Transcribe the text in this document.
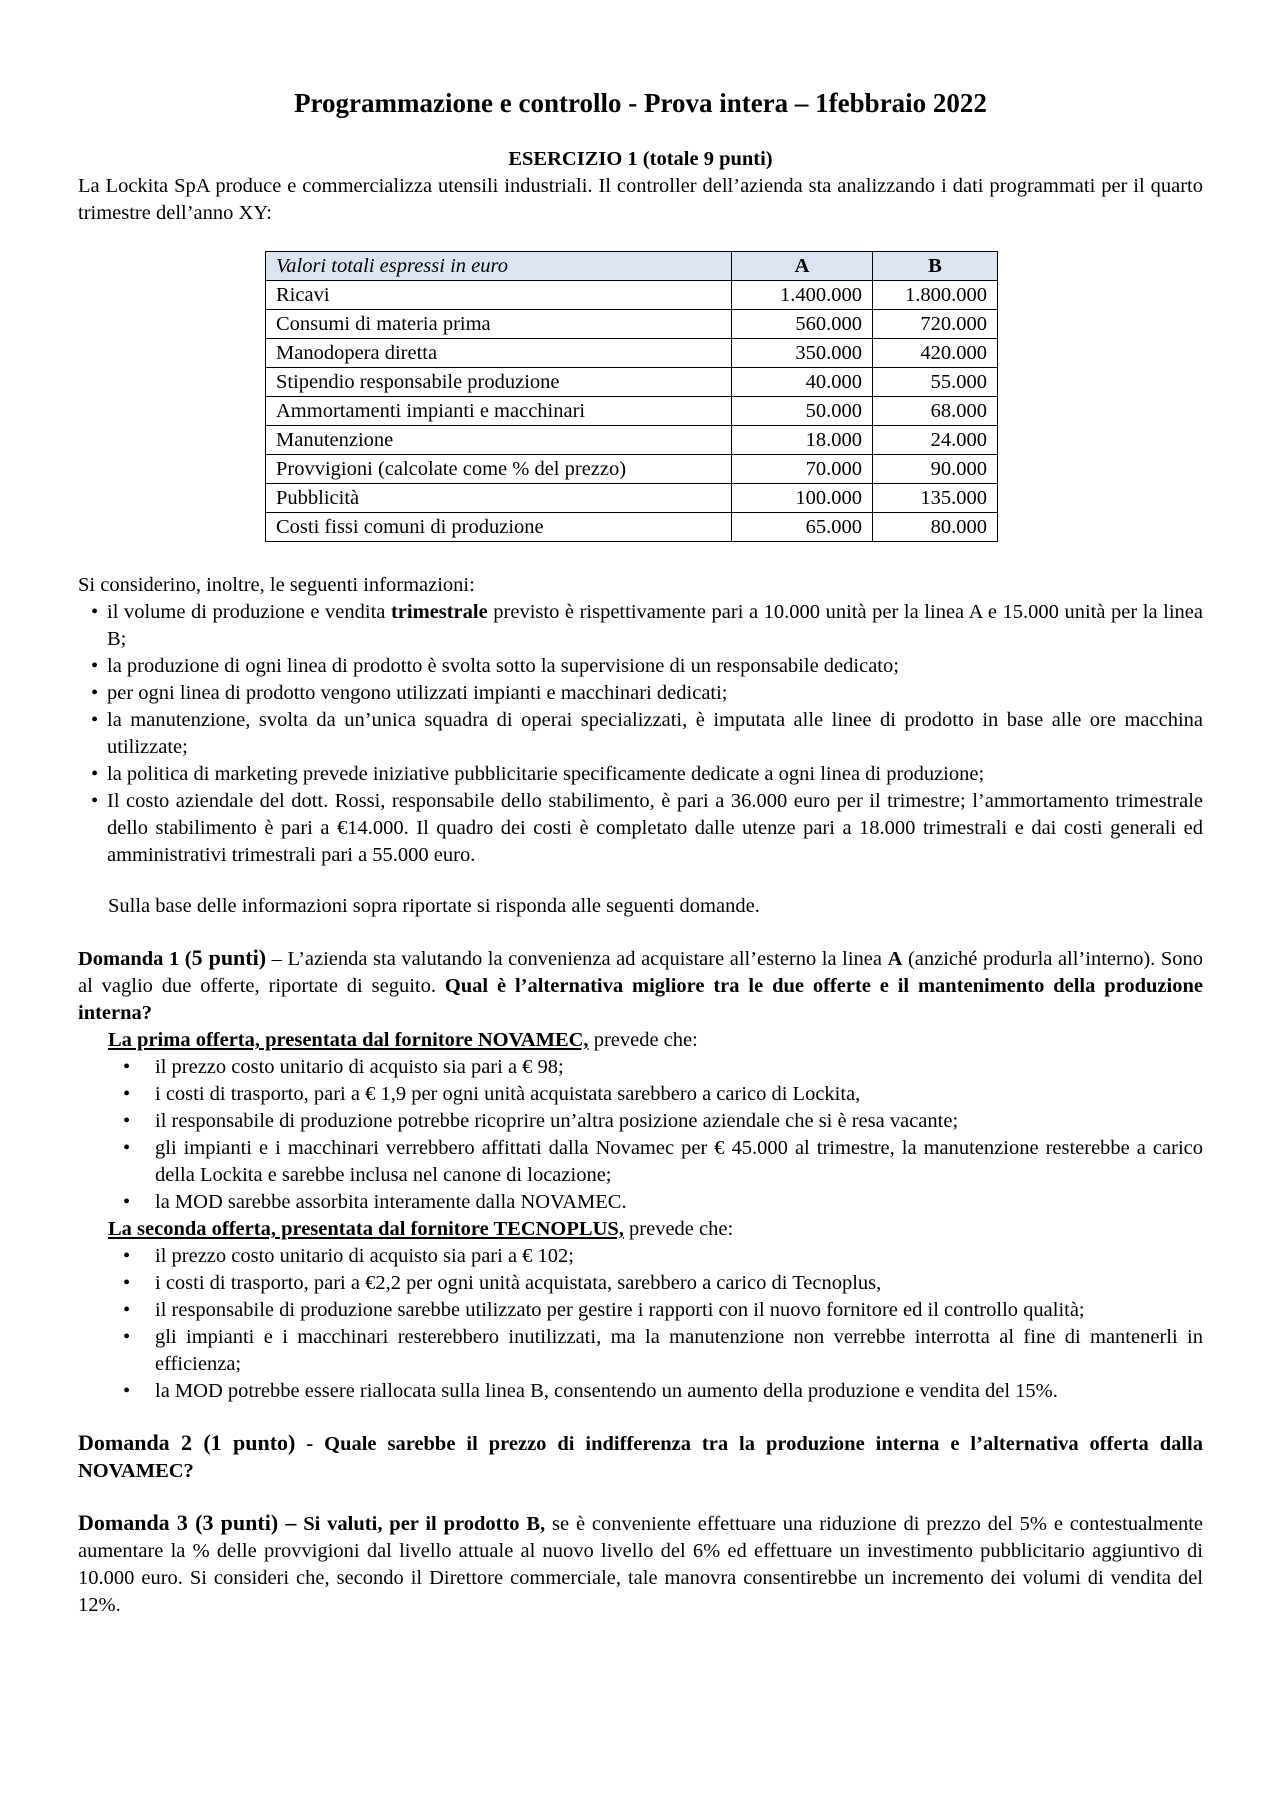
Programmazione e controllo - Prova intera – 1febbraio 2022

ESERCIZIO 1 (totale 9 punti)

La Lockita SpA produce e commercializza utensili industriali. Il controller dell’azienda sta analizzando i dati programmati per il quarto trimestre dell’anno XY:

Valori totali espressi in euro	A	B
Ricavi	1.400.000	1.800.000
Consumi di materia prima	560.000	720.000
Manodopera diretta	350.000	420.000
Stipendio responsabile produzione	40.000	55.000
Ammortamenti impianti e macchinari	50.000	68.000
Manutenzione	18.000	24.000
Provvigioni (calcolate come % del prezzo)	70.000	90.000
Pubblicità	100.000	135.000
Costi fissi comuni di produzione	65.000	80.000

Si considerino, inoltre, le seguenti informazioni:

• il volume di produzione e vendita trimestrale previsto è rispettivamente pari a 10.000 unità per la linea A e 15.000 unità per la linea B;
• la produzione di ogni linea di prodotto è svolta sotto la supervisione di un responsabile dedicato;
• per ogni linea di prodotto vengono utilizzati impianti e macchinari dedicati;
• la manutenzione, svolta da un’unica squadra di operai specializzati, è imputata alle linee di prodotto in base alle ore macchina utilizzate;
• la politica di marketing prevede iniziative pubblicitarie specificamente dedicate a ogni linea di produzione;
• Il costo aziendale del dott. Rossi, responsabile dello stabilimento, è pari a 36.000 euro per il trimestre; l’ammortamento trimestrale dello stabilimento è pari a €14.000. Il quadro dei costi è completato dalle utenze pari a 18.000 trimestrali e dai costi generali ed amministrativi trimestrali pari a 55.000 euro.

Sulla base delle informazioni sopra riportate si risponda alle seguenti domande.

Domanda 1 (5 punti) – L’azienda sta valutando la convenienza ad acquistare all’esterno la linea A (anziché produrla all’interno). Sono al vaglio due offerte, riportate di seguito. Qual è l’alternativa migliore tra le due offerte e il mantenimento della produzione interna?

La prima offerta, presentata dal fornitore NOVAMEC, prevede che:

• il prezzo costo unitario di acquisto sia pari a € 98;
• i costi di trasporto, pari a € 1,9 per ogni unità acquistata sarebbero a carico di Lockita,
• il responsabile di produzione potrebbe ricoprire un’altra posizione aziendale che si è resa vacante;
• gli impianti e i macchinari verrebbero affittati dalla Novamec per € 45.000 al trimestre, la manutenzione resterebbe a carico della Lockita e sarebbe inclusa nel canone di locazione;
• la MOD sarebbe assorbita interamente dalla NOVAMEC.

La seconda offerta, presentata dal fornitore TECNOPLUS, prevede che:

• il prezzo costo unitario di acquisto sia pari a € 102;
• i costi di trasporto, pari a €2,2 per ogni unità acquistata, sarebbero a carico di Tecnoplus,
• il responsabile di produzione sarebbe utilizzato per gestire i rapporti con il nuovo fornitore ed il controllo qualità;
• gli impianti e i macchinari resterebbero inutilizzati, ma la manutenzione non verrebbe interrotta al fine di mantenerli in efficienza;
• la MOD potrebbe essere riallocata sulla linea B, consentendo un aumento della produzione e vendita del 15%.

Domanda 2 (1 punto) - Quale sarebbe il prezzo di indifferenza tra la produzione interna e l’alternativa offerta dalla NOVAMEC?

Domanda 3 (3 punti) – Si valuti, per il prodotto B, se è conveniente effettuare una riduzione di prezzo del 5% e contestualmente aumentare la % delle provvigioni dal livello attuale al nuovo livello del 6% ed effettuare un investimento pubblicitario aggiuntivo di 10.000 euro. Si consideri che, secondo il Direttore commerciale, tale manovra consentirebbe un incremento dei volumi di vendita del 12%.
